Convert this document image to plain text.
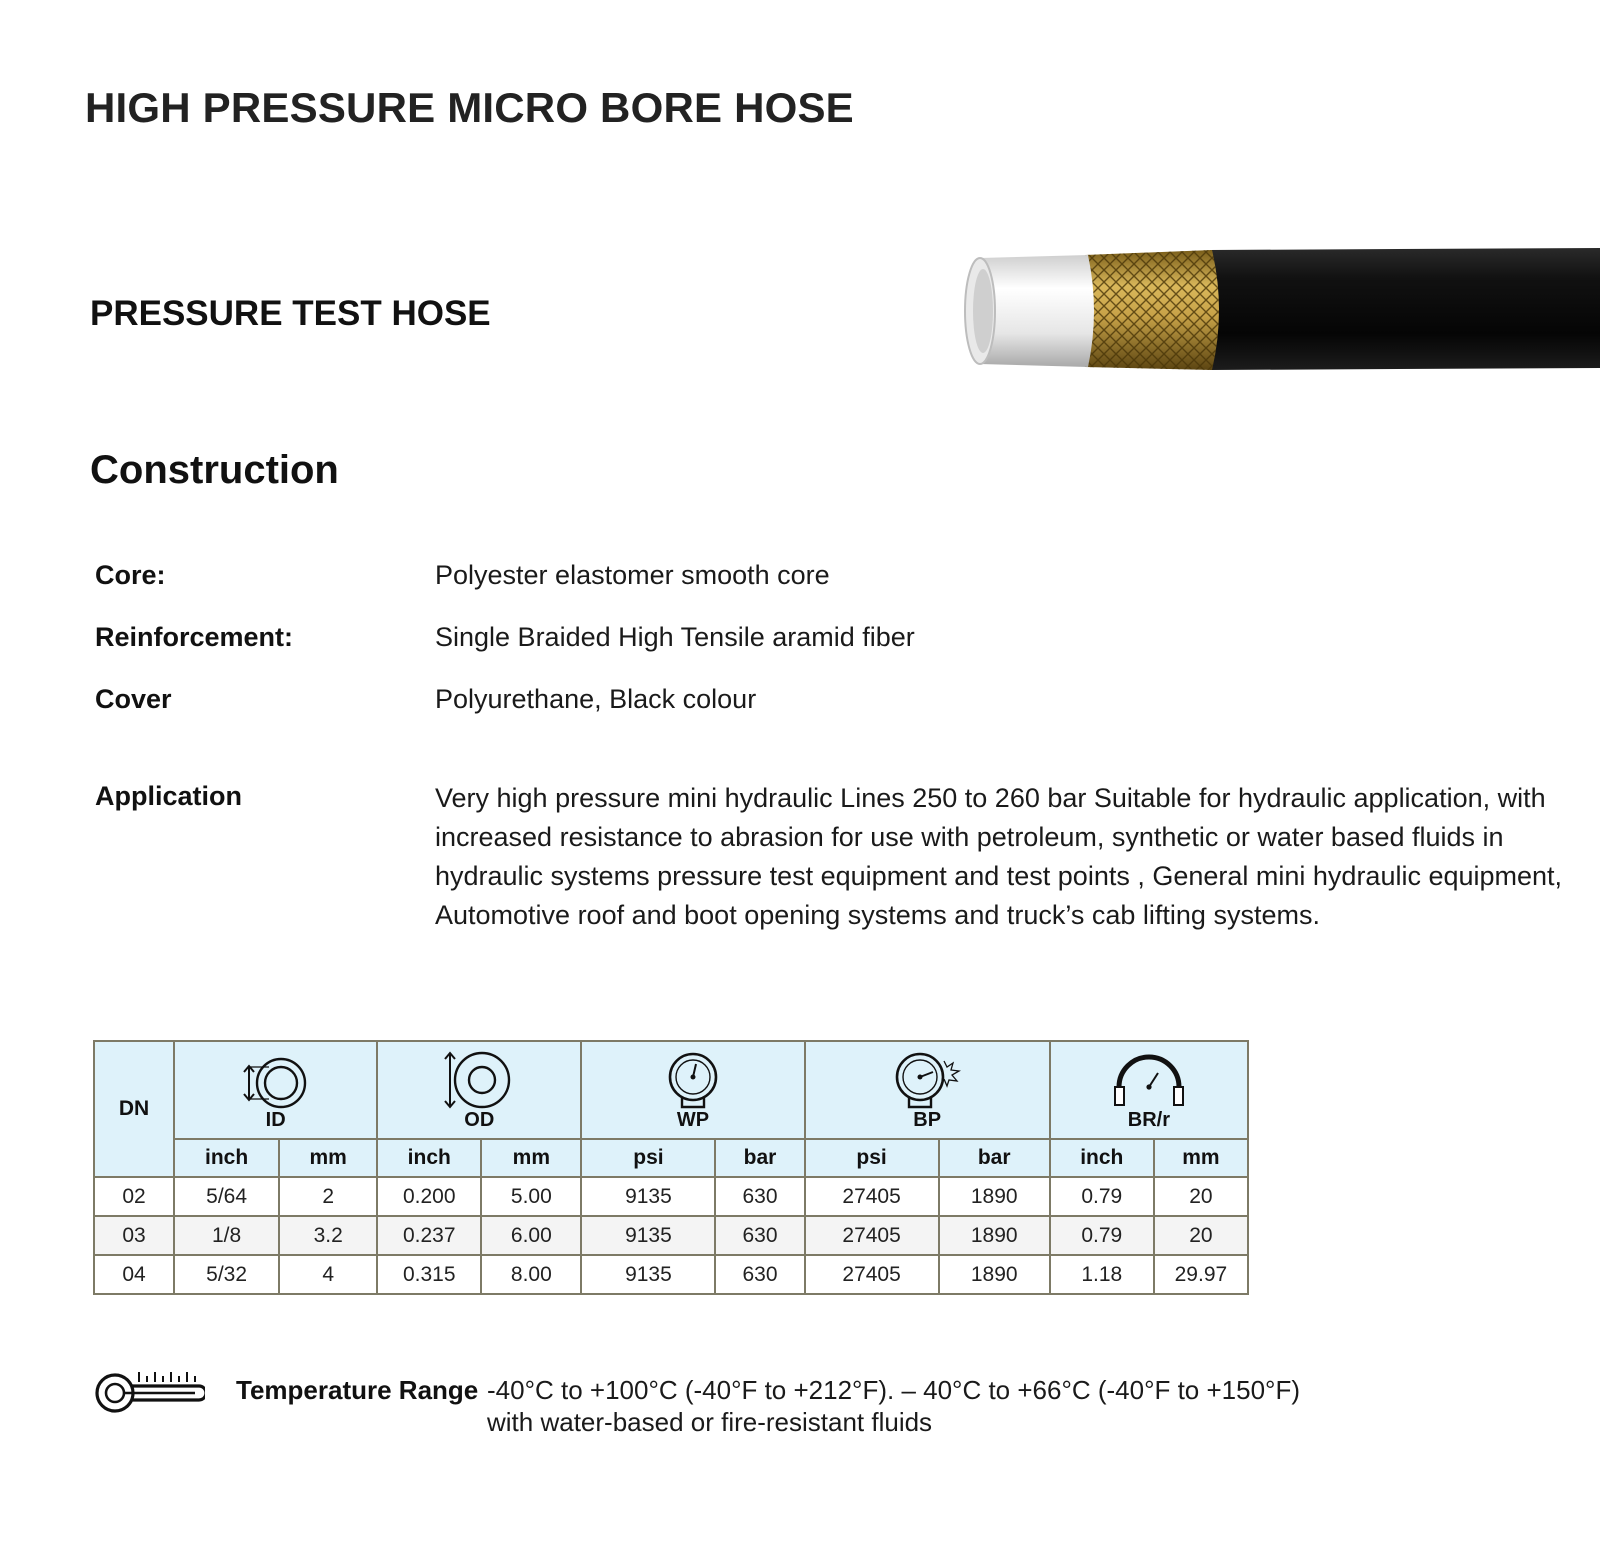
HIGH PRESSURE MICRO BORE HOSE
PRESSURE TEST HOSE
Construction
Core:	Polyester elastomer smooth core
Reinforcement:	Single Braided High Tensile aramid fiber
Cover	Polyurethane, Black colour
Application	Very high pressure mini hydraulic Lines 250 to 260 bar Suitable for hydraulic application, with increased resistance to abrasion for use with petroleum, synthetic or water based fluids in hydraulic systems pressure test equipment and test points , General mini hydraulic equipment, Automotive roof and boot opening systems and truck’s cab lifting systems.
DN	ID		OD		WP		BP		BR/r	

	inch	mm	inch	mm	psi	bar	psi	bar	inch	mm
02	5/64	2	0.200	5.00	9135	630	27405	1890	0.79	20
03	1/8	3.2	0.237	6.00	9135	630	27405	1890	0.79	20
04	5/32	4	0.315	8.00	9135	630	27405	1890	1.18	29.97
Temperature Range -40°C to +100°C (-40°F to +212°F). – 40°C to +66°C (-40°F to +150°F)
with water-based or fire-resistant fluids
